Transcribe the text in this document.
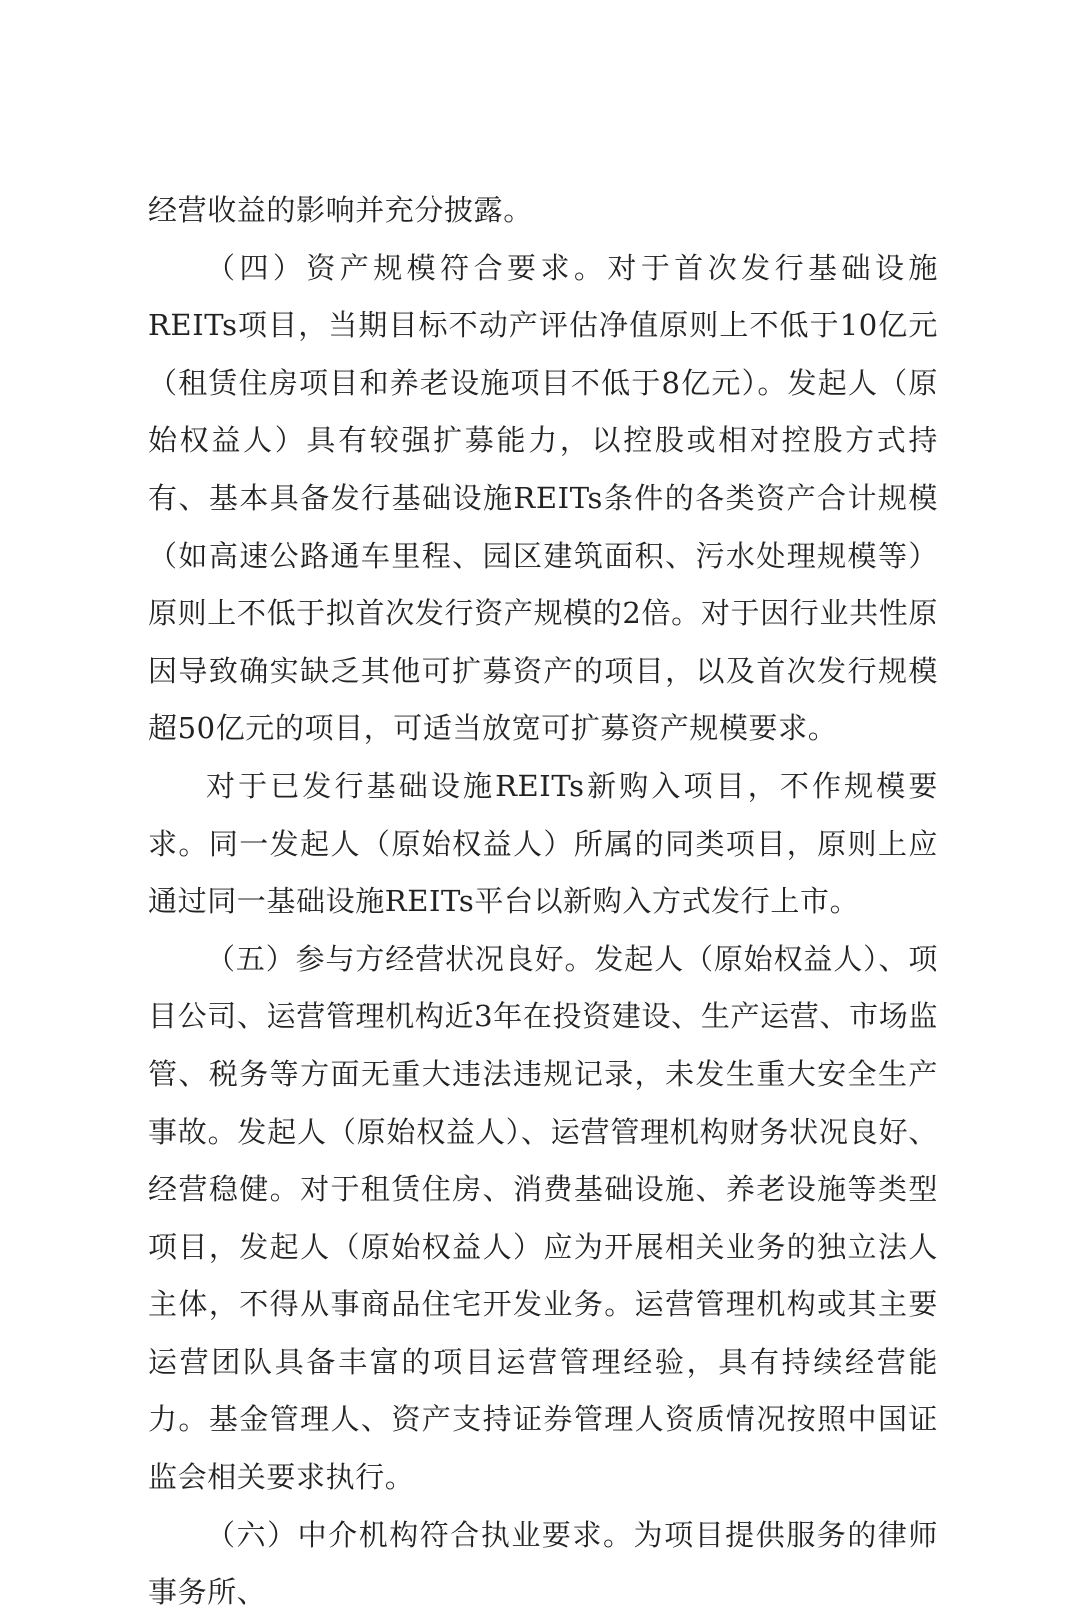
经营收益的影响并充分披露。

（四）资产规模符合要求。对于首次发行基础设施REITs项目，当期目标不动产评估净值原则上不低于10亿元（租赁住房项目和养老设施项目不低于8亿元）。发起人（原始权益人）具有较强扩募能力，以控股或相对控股方式持有、基本具备发行基础设施REITs条件的各类资产合计规模（如高速公路通车里程、园区建筑面积、污水处理规模等）原则上不低于拟首次发行资产规模的2倍。对于因行业共性原因导致确实缺乏其他可扩募资产的项目，以及首次发行规模超50亿元的项目，可适当放宽可扩募资产规模要求。

对于已发行基础设施REITs新购入项目，不作规模要求。同一发起人（原始权益人）所属的同类项目，原则上应通过同一基础设施REITs平台以新购入方式发行上市。

（五）参与方经营状况良好。发起人（原始权益人）、项目公司、运营管理机构近3年在投资建设、生产运营、市场监管、税务等方面无重大违法违规记录，未发生重大安全生产事故。发起人（原始权益人）、运营管理机构财务状况良好、经营稳健。对于租赁住房、消费基础设施、养老设施等类型项目，发起人（原始权益人）应为开展相关业务的独立法人主体，不得从事商品住宅开发业务。运营管理机构或其主要运营团队具备丰富的项目运营管理经验，具有持续经营能力。基金管理人、资产支持证券管理人资质情况按照中国证监会相关要求执行。

（六）中介机构符合执业要求。为项目提供服务的律师事务所、
